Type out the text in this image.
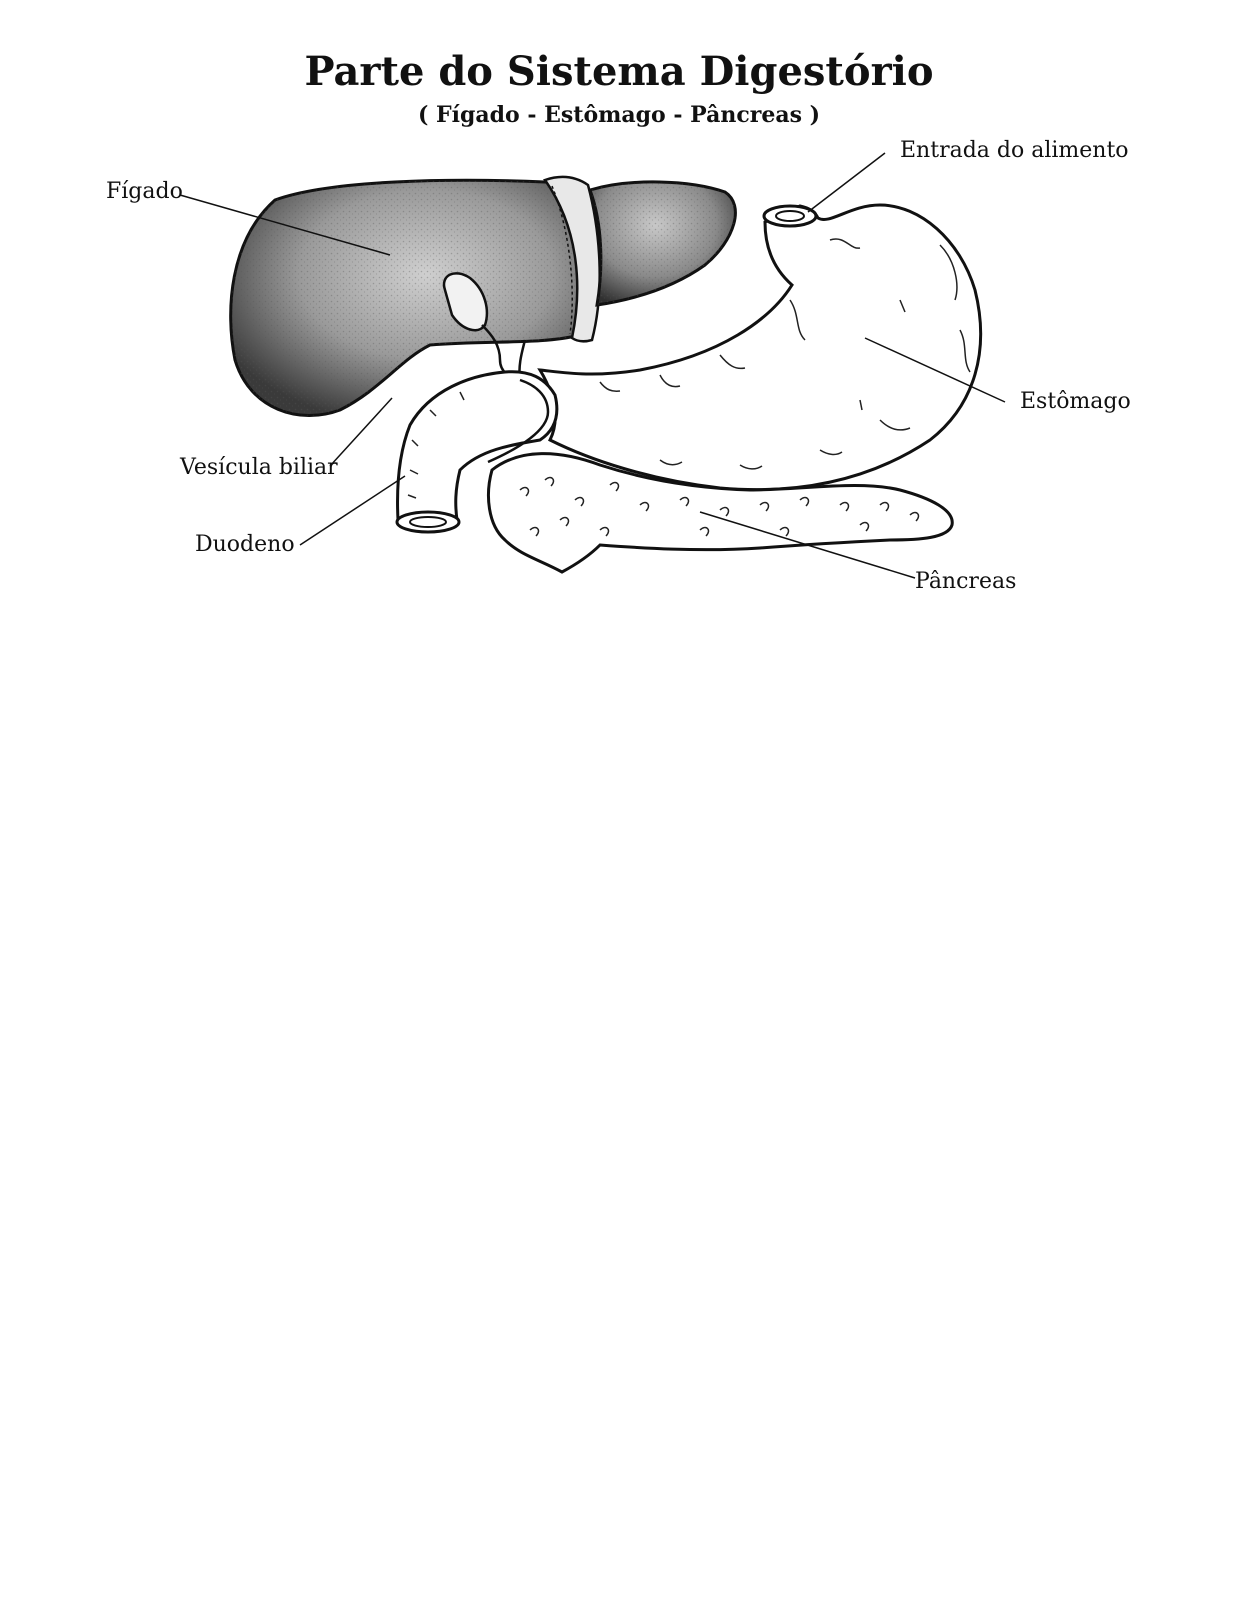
Parte do Sistema Digestório
( Fígado - Estômago - Pâncreas )
Fígado
Entrada do alimento
Estômago
Vesícula biliar
Duodeno
Pâncreas
